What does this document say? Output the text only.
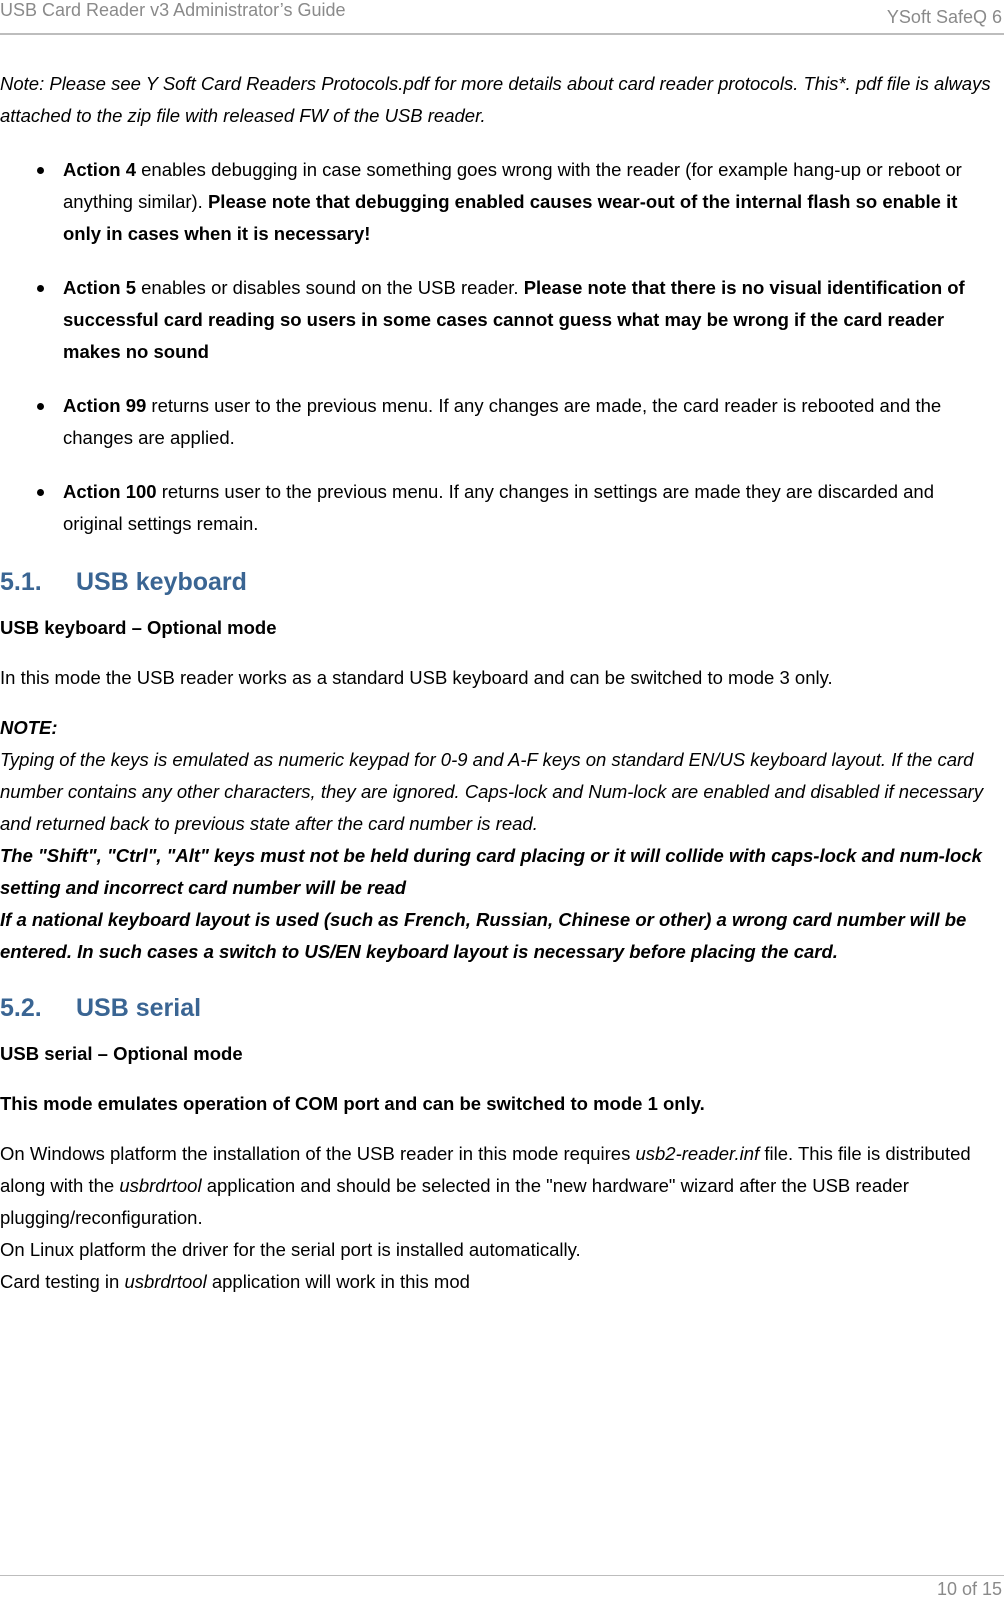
USB Card Reader v3 Administrator’s Guide	YSoft SafeQ 6

Note: Please see Y Soft Card Readers Protocols.pdf for more details about card reader protocols. This*. pdf file is always attached to the zip file with released FW of the USB reader.

Action 4 enables debugging in case something goes wrong with the reader (for example hang-up or reboot or anything similar). Please note that debugging enabled causes wear-out of the internal flash so enable it only in cases when it is necessary!
Action 5 enables or disables sound on the USB reader. Please note that there is no visual identification of successful card reading so users in some cases cannot guess what may be wrong if the card reader makes no sound
Action 99 returns user to the previous menu. If any changes are made, the card reader is rebooted and the changes are applied.
Action 100 returns user to the previous menu. If any changes in settings are made they are discarded and original settings remain.
5.1. USB keyboard

USB keyboard – Optional mode

In this mode the USB reader works as a standard USB keyboard and can be switched to mode 3 only.

NOTE:
Typing of the keys is emulated as numeric keypad for 0-9 and A-F keys on standard EN/US keyboard layout. If the card number contains any other characters, they are ignored. Caps-lock and Num-lock are enabled and disabled if necessary and returned back to previous state after the card number is read.
The "Shift", "Ctrl", "Alt" keys must not be held during card placing or it will collide with caps-lock and num-lock setting and incorrect card number will be read
If a national keyboard layout is used (such as French, Russian, Chinese or other) a wrong card number will be entered. In such cases a switch to US/EN keyboard layout is necessary before placing the card.
5.2. USB serial

USB serial – Optional mode

This mode emulates operation of COM port and can be switched to mode 1 only.

On Windows platform the installation of the USB reader in this mode requires usb2-reader.inf file. This file is distributed along with the usbrdrtool application and should be selected in the "new hardware" wizard after the USB reader plugging/reconfiguration.

On Linux platform the driver for the serial port is installed automatically.

Card testing in usbrdrtool application will work in this mod

10 of 15
